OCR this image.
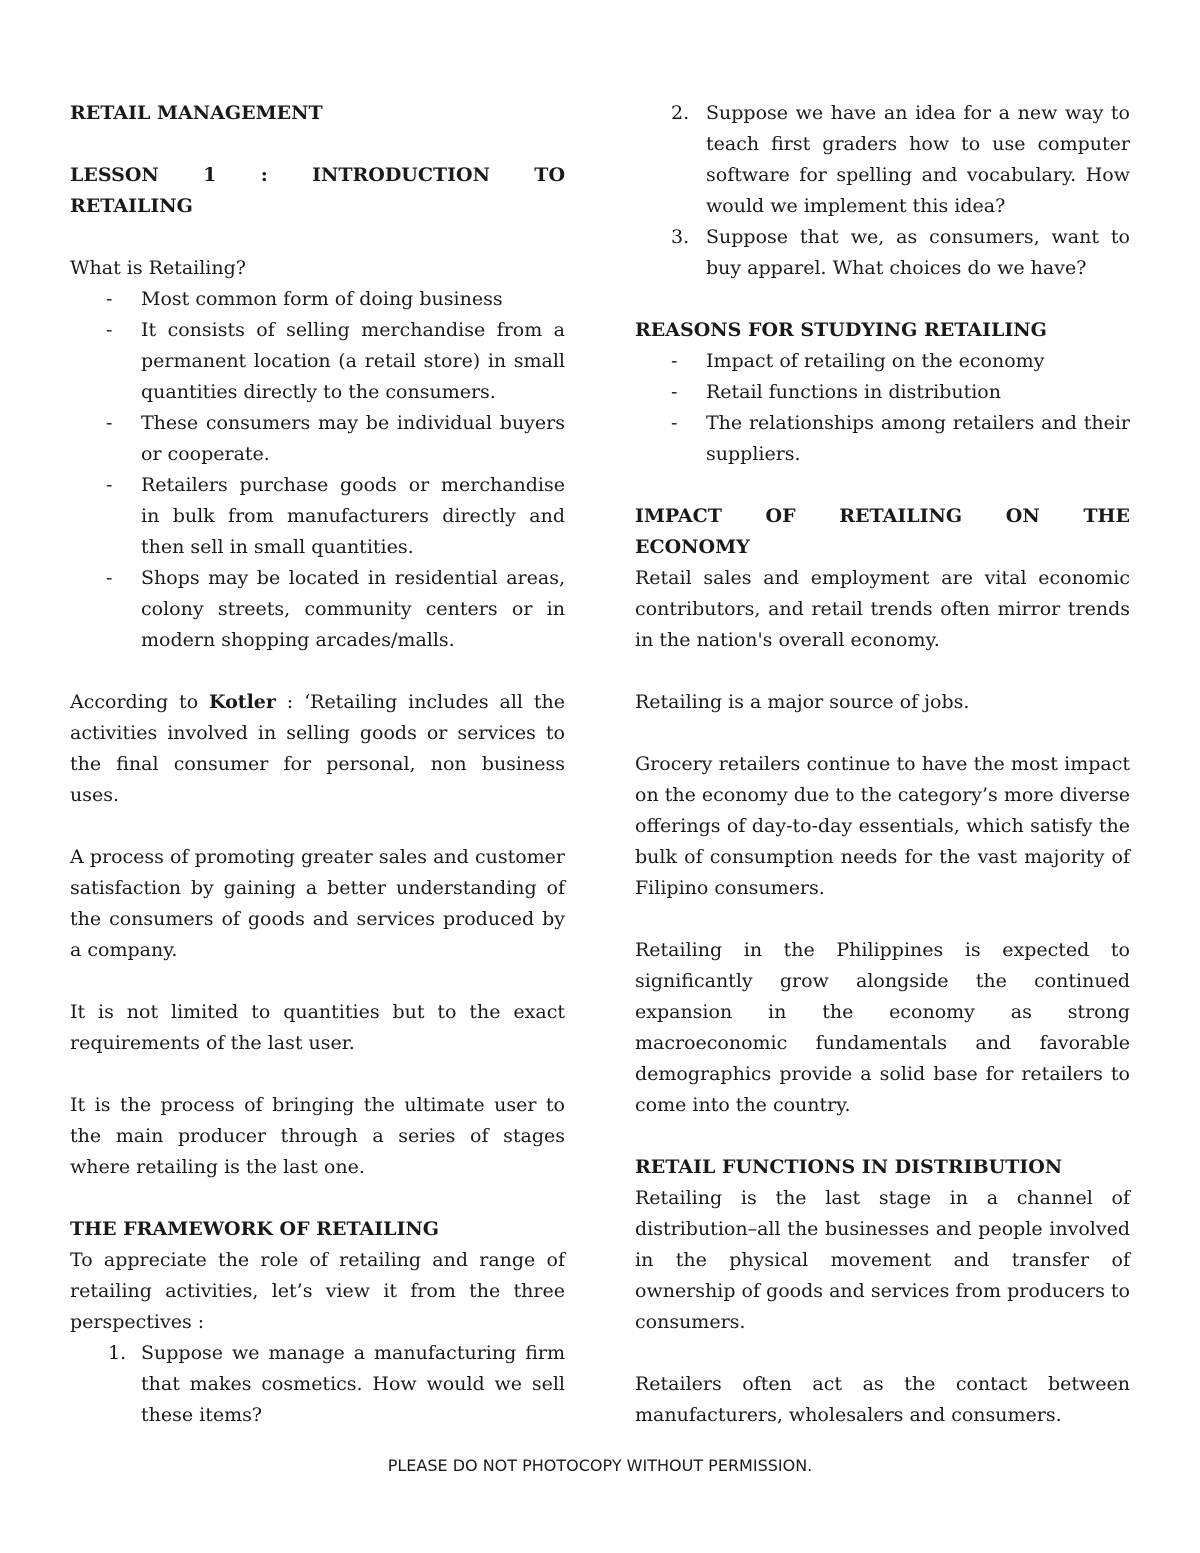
RETAIL MANAGEMENT

LESSON 1 : INTRODUCTION TO

RETAILING

What is Retailing?

- Most common form of doing business
- It consists of selling merchandise from a permanent location (a retail store) in small quantities directly to the consumers.
- These consumers may be individual buyers or cooperate.
- Retailers purchase goods or merchandise in bulk from manufacturers directly and then sell in small quantities.
- Shops may be located in residential areas, colony streets, community centers or in modern shopping arcades/malls.

According to Kotler : ‘Retailing includes all the activities involved in selling goods or services to the final consumer for personal, non business uses.

A process of promoting greater sales and customer satisfaction by gaining a better understanding of the consumers of goods and services produced by a company.

It is not limited to quantities but to the exact requirements of the last user.

It is the process of bringing the ultimate user to the main producer through a series of stages where retailing is the last one.

THE FRAMEWORK OF RETAILING

To appreciate the role of retailing and range of retailing activities, let’s view it from the three perspectives :

1. Suppose we manage a manufacturing firm that makes cosmetics. How would we sell these items?
2. Suppose we have an idea for a new way to teach first graders how to use computer software for spelling and vocabulary. How would we implement this idea?
3. Suppose that we, as consumers, want to buy apparel. What choices do we have?

REASONS FOR STUDYING RETAILING

- Impact of retailing on the economy
- Retail functions in distribution
- The relationships among retailers and their suppliers.

IMPACT OF RETAILING ON THE

ECONOMY

Retail sales and employment are vital economic contributors, and retail trends often mirror trends in the nation's overall economy.

Retailing is a major source of jobs.

Grocery retailers continue to have the most impact on the economy due to the category’s more diverse offerings of day-to-day essentials, which satisfy the bulk of consumption needs for the vast majority of Filipino consumers.

Retailing in the Philippines is expected to significantly grow alongside the continued expansion in the economy as strong macroeconomic fundamentals and favorable demographics provide a solid base for retailers to come into the country.

RETAIL FUNCTIONS IN DISTRIBUTION

Retailing is the last stage in a channel of distribution–all the businesses and people involved in the physical movement and transfer of ownership of goods and services from producers to consumers.

Retailers often act as the contact between manufacturers, wholesalers and consumers.

PLEASE DO NOT PHOTOCOPY WITHOUT PERMISSION.
